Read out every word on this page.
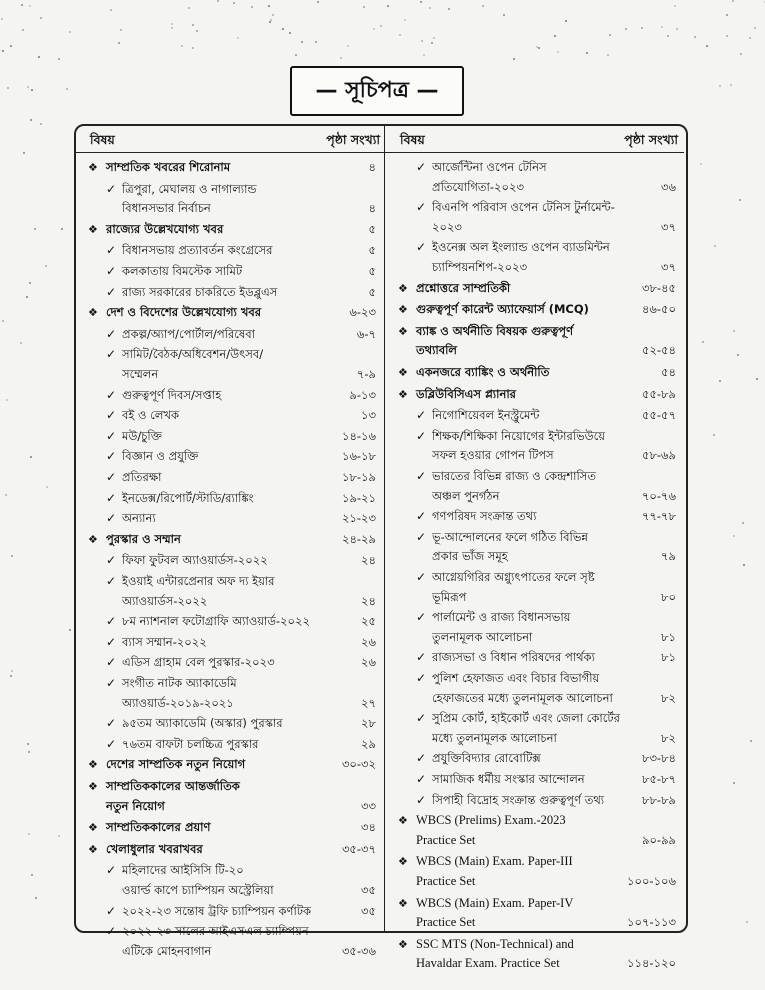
— সূচিপত্র —
বিষয়	পৃষ্ঠা সংখ্যা
❖ সাম্প্রতিক খবরের শিরোনাম	৪
✓ ত্রিপুরা, মেঘালয় ও নাগাল্যান্ড
বিধানসভার নির্বাচন	৪
❖ রাজ্যের উল্লেখযোগ্য খবর	৫
✓ বিধানসভায় প্রত্যাবর্তন কংগ্রেসের	৫
✓ কলকাতায় বিমস্টেক সামিট	৫
✓ রাজ্য সরকারের চাকরিতে ইডব্লুএস	৫
❖ দেশ ও বিদেশের উল্লেখযোগ্য খবর	৬-২৩
✓ প্রকল্প/অ্যাপ/পোর্টাল/পরিষেবা	৬-৭
✓ সামিট/বৈঠক/অধিবেশন/উৎসব/
সম্মেলন	৭-৯
✓ গুরুত্বপূর্ণ দিবস/সপ্তাহ	৯-১৩
✓ বই ও লেখক	১৩
✓ মউ/চুক্তি	১৪-১৬
✓ বিজ্ঞান ও প্রযুক্তি	১৬-১৮
✓ প্রতিরক্ষা	১৮-১৯
✓ ইনডেক্স/রিপোর্ট/স্টাডি/র‍্যাঙ্কিং	১৯-২১
✓ অন্যান্য	২১-২৩
❖ পুরস্কার ও সম্মান	২৪-২৯
✓ ফিফা ফুটবল অ্যাওয়ার্ডস-২০২২	২৪
✓ ইওয়াই এন্টারপ্রেনার অফ দ্য ইয়ার
অ্যাওয়ার্ডস-২০২২	২৪
✓ ৮ম ন্যাশনাল ফটোগ্রাফি অ্যাওয়ার্ড-২০২২	২৫
✓ ব্যাস সম্মান-২০২২	২৬
✓ এডিস গ্রাহাম বেল পুরস্কার-২০২৩	২৬
✓ সংগীত নাটক অ্যাকাডেমি
অ্যাওয়ার্ড-২০১৯-২০২১	২৭
✓ ৯৫তম অ্যাকাডেমি (অস্কার) পুরস্কার	২৮
✓ ৭৬তম বাফটা চলচ্চিত্র পুরস্কার	২৯
❖ দেশের সাম্প্রতিক নতুন নিয়োগ	৩০-৩২
❖ সাম্প্রতিককালের আন্তর্জাতিক
নতুন নিয়োগ	৩৩
❖ সাম্প্রতিককালের প্রয়াণ	৩৪
❖ খেলাধুলার খবরাখবর	৩৫-৩৭
✓ মহিলাদের আইসিসি টি-২০
ওয়ার্ল্ড কাপে চ্যাম্পিয়ন অস্ট্রেলিয়া	৩৫
✓ ২০২২-২৩ সন্তোষ ট্রফি চ্যাম্পিয়ন কর্ণাটক	৩৫
✓ ২০২২-২৩ সালের আইএসএল চ্যাম্পিয়ন
এটিকে মোহনবাগান	৩৫-৩৬
বিষয়	পৃষ্ঠা সংখ্যা
✓ আর্জেন্টিনা ওপেন টেনিস
প্রতিযোগিতা-২০২৩	৩৬
✓ বিএনপি পরিবাস ওপেন টেনিস টুর্নামেন্ট-
২০২৩	৩৭
✓ ইওনেক্স অল ইংল্যান্ড ওপেন ব্যাডমিন্টন
চ্যাম্পিয়নশিপ-২০২৩	৩৭
❖ প্রশ্নোত্তরে সাম্প্রতিকী	৩৮-৪৫
❖ গুরুত্বপূর্ণ কারেন্ট অ্যাফেয়ার্স (MCQ)	৪৬-৫০
❖ ব্যাঙ্ক ও অর্থনীতি বিষয়ক গুরুত্বপূর্ণ
তথ্যাবলি	৫২-৫৪
❖ একনজরে ব্যাঙ্কিং ও অর্থনীতি	৫৪
❖ ডব্লিউবিসিএস প্ল্যানার	৫৫-৮৯
✓ নিগোশিয়েবল ইনস্ট্রুমেন্ট	৫৫-৫৭
✓ শিক্ষক/শিক্ষিকা নিয়োগের ইন্টারভিউয়ে
সফল হওয়ার গোপন টিপস	৫৮-৬৯
✓ ভারতের বিভিন্ন রাজ্য ও কেন্দ্রশাসিত
অঞ্চল পুনর্গঠন	৭০-৭৬
✓ গণপরিষদ সংক্রান্ত তথ্য	৭৭-৭৮
✓ ভূ-আন্দোলনের ফলে গঠিত বিভিন্ন
প্রকার ভাঁজ সমূহ	৭৯
✓ আগ্নেয়গিরির অগ্ন্যুৎপাতের ফলে সৃষ্ট
ভূমিরূপ	৮০
✓ পার্লামেন্ট ও রাজ্য বিধানসভায়
তুলনামূলক আলোচনা	৮১
✓ রাজ্যসভা ও বিধান পরিষদের পার্থক্য	৮১
✓ পুলিশ হেফাজত এবং বিচার বিভাগীয়
হেফাজতের মধ্যে তুলনামূলক আলোচনা	৮২
✓ সুপ্রিম কোর্ট, হাইকোর্ট এবং জেলা কোর্টের
মধ্যে তুলনামূলক আলোচনা	৮২
✓ প্রযুক্তিবিদ্যার রোবোটিক্স	৮৩-৮৪
✓ সামাজিক ধর্মীয় সংস্কার আন্দোলন	৮৫-৮৭
✓ সিপাহী বিদ্রোহ সংক্রান্ত গুরুত্বপূর্ণ তথ্য	৮৮-৮৯
❖ WBCS (Prelims) Exam.-2023
Practice Set	৯০-৯৯
❖ WBCS (Main) Exam. Paper-III
Practice Set	১০০-১০৬
❖ WBCS (Main) Exam. Paper-IV
Practice Set	১০৭-১১৩
❖ SSC MTS (Non-Technical) and
Havaldar Exam. Practice Set	১১৪-১২০
